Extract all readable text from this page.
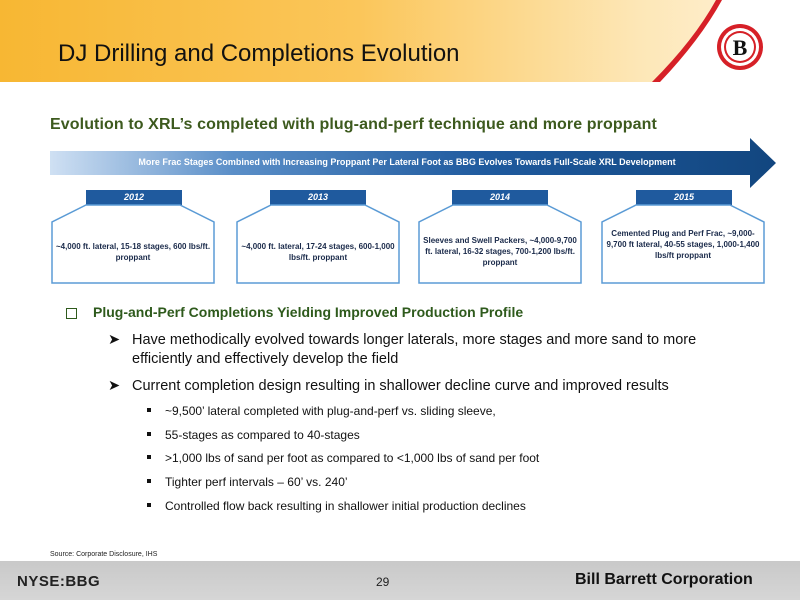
DJ Drilling and Completions Evolution	B
Evolution to XRL’s completed with plug-and-perf technique and more proppant
More Frac Stages Combined with Increasing Proppant Per Lateral Foot as BBG Evolves Towards Full-Scale XRL Development
2012
~4,000 ft. lateral, 15-18 stages, 600 lbs/ft. proppant
2013
~4,000 ft. lateral, 17-24 stages, 600-1,000 lbs/ft. proppant
2014
Sleeves and Swell Packers, ~4,000-9,700 ft. lateral, 16-32 stages, 700-1,200 lbs/ft. proppant
2015
Cemented Plug and Perf Frac, ~9,000-9,700 ft lateral, 40-55 stages, 1,000-1,400 lbs/ft proppant
Plug-and-Perf Completions Yielding Improved Production Profile
➤ Have methodically evolved towards longer laterals, more stages and more sand to more efficiently and effectively develop the field
➤ Current completion design resulting in shallower decline curve and improved results
~9,500’ lateral completed with plug-and-perf vs. sliding sleeve,
55-stages as compared to 40-stages
>1,000 lbs of sand per foot as compared to <1,000 lbs of sand per foot
Tighter perf intervals – 60’ vs. 240’
Controlled flow back resulting in shallower initial production declines
Source: Corporate Disclosure, IHS
NYSE:BBG	29	Bill Barrett Corporation
